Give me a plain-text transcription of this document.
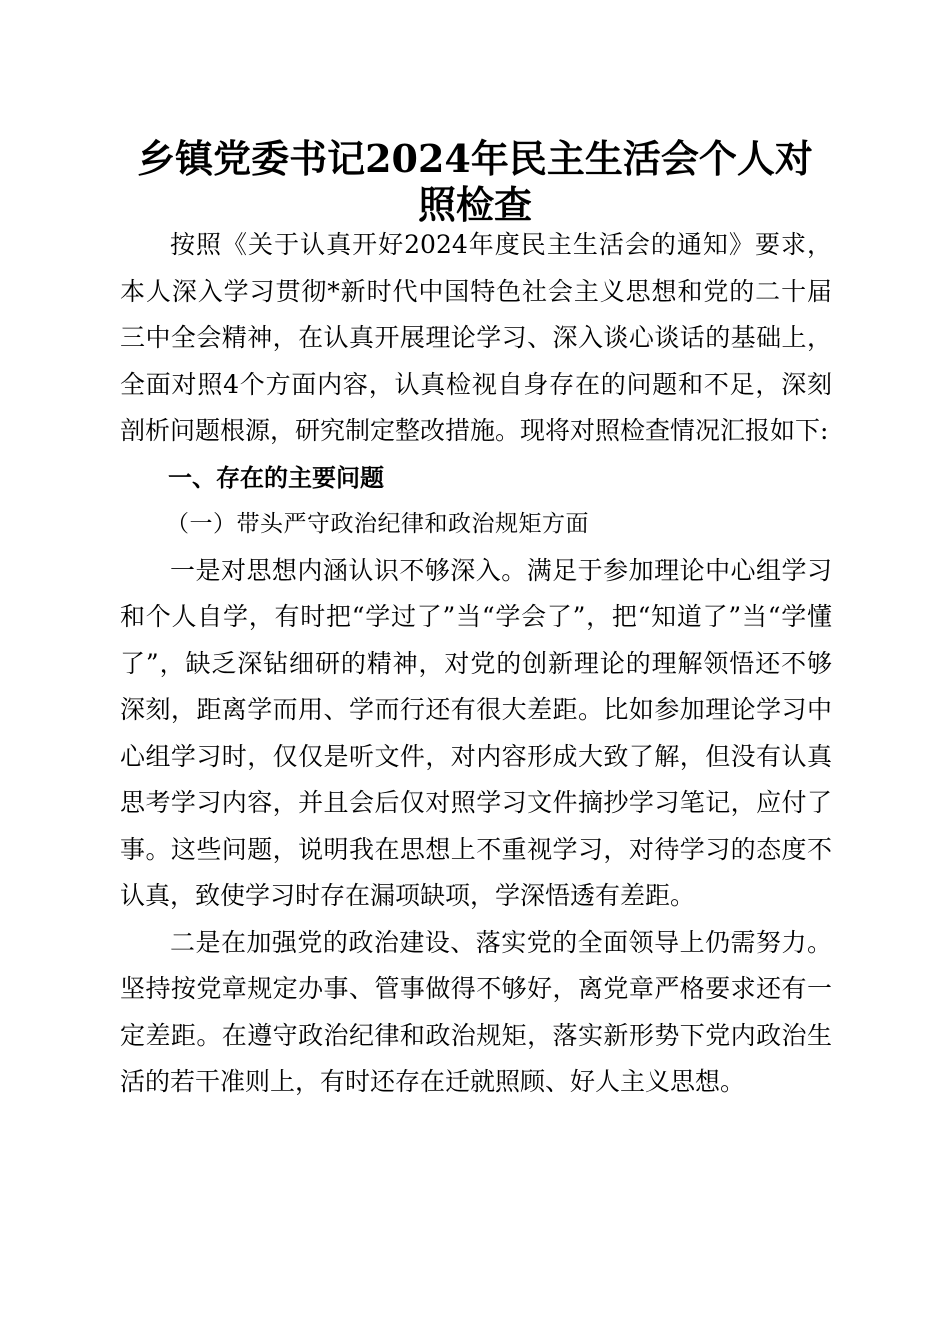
乡镇党委书记2024年民主生活会个人对照检查

按照《关于认真开好2024年度民主生活会的通知》要求，本人深入学习贯彻*新时代中国特色社会主义思想和党的二十届三中全会精神，在认真开展理论学习、深入谈心谈话的基础上，全面对照4个方面内容，认真检视自身存在的问题和不足，深刻剖析问题根源，研究制定整改措施。现将对照检查情况汇报如下:

一、存在的主要问题

（一）带头严守政治纪律和政治规矩方面

一是对思想内涵认识不够深入。满足于参加理论中心组学习和个人自学，有时把“学过了”当“学会了”，把“知道了”当“学懂了”，缺乏深钻细研的精神，对党的创新理论的理解领悟还不够深刻，距离学而用、学而行还有很大差距。比如参加理论学习中心组学习时，仅仅是听文件，对内容形成大致了解，但没有认真思考学习内容，并且会后仅对照学习文件摘抄学习笔记，应付了事。这些问题，说明我在思想上不重视学习，对待学习的态度不认真，致使学习时存在漏项缺项，学深悟透有差距。

二是在加强党的政治建设、落实党的全面领导上仍需努力。坚持按党章规定办事、管事做得不够好，离党章严格要求还有一定差距。在遵守政治纪律和政治规矩，落实新形势下党内政治生活的若干准则上，有时还存在迁就照顾、好人主义思想。
